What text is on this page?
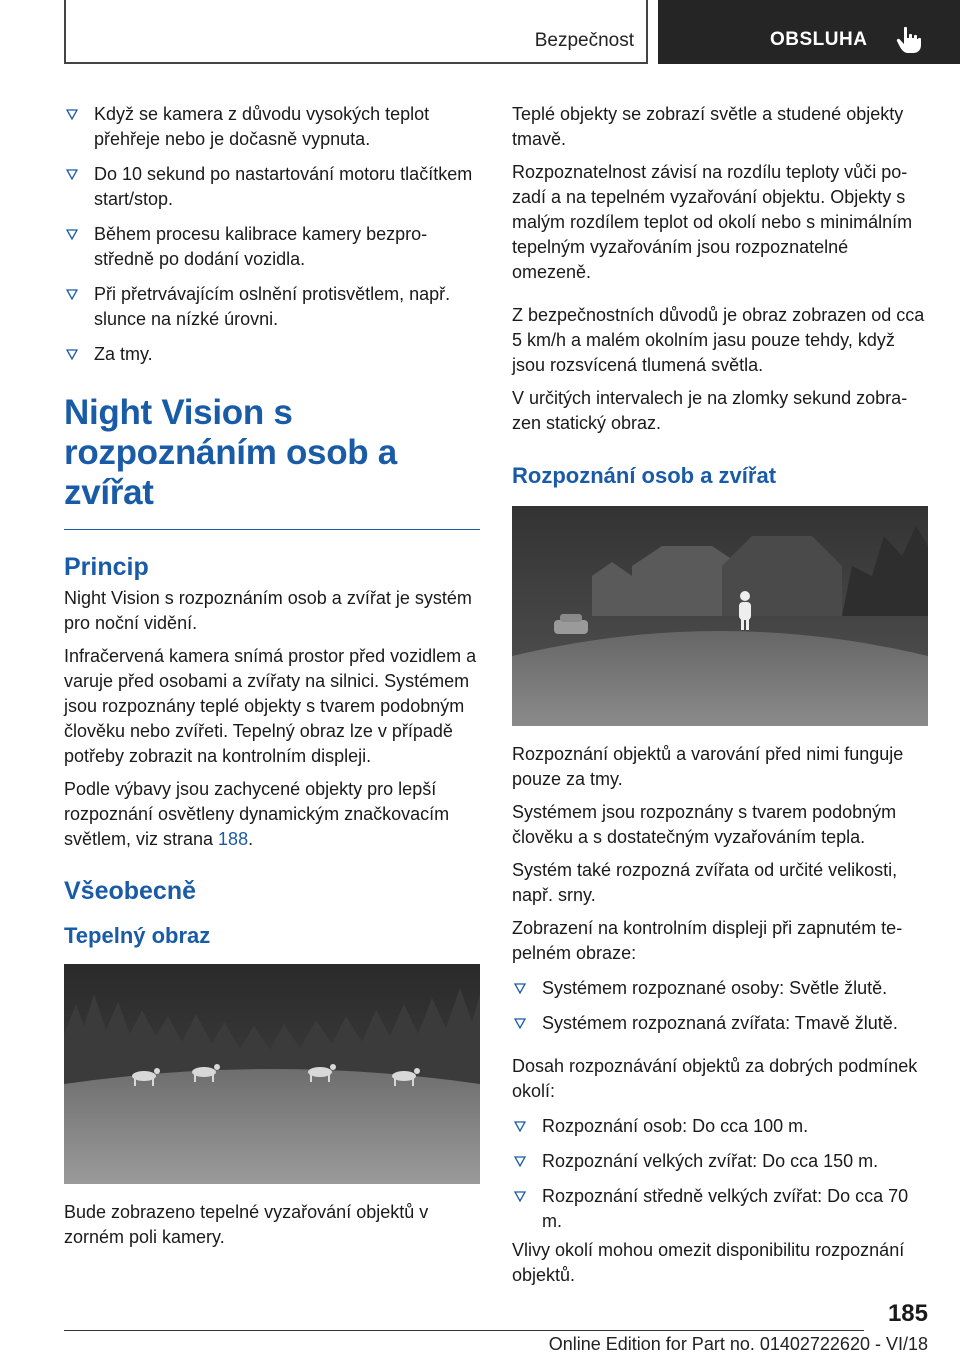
Bezpečnost	OBSLUHA
Když se kamera z důvodu vysokých teplot přehřeje nebo je dočasně vypnuta.
Do 10 sekund po nastartování motoru tlačítkem start/stop.
Během procesu kalibrace kamery bezprostředně po dodání vozidla.
Při přetrvávajícím oslnění protisvětlem, např. slunce na nízké úrovni.
Za tmy.
Night Vision s rozpoznáním osob a zvířat
Princip

Night Vision s rozpoznáním osob a zvířat je systém pro noční vidění.

Infračervená kamera snímá prostor před vozidlem a varuje před osobami a zvířaty na silnici. Systémem jsou rozpoznány teplé objekty s tvarem podobným člověku nebo zvířeti. Tepelný obraz lze v případě potřeby zobrazit na kontrolním displeji.

Podle výbavy jsou zachycené objekty pro lepší rozpoznání osvětleny dynamickým značkovacím světlem, viz strana 188.

Všeobecně
Tepelný obraz

Bude zobrazeno tepelné vyzařování objektů v zorném poli kamery.

Teplé objekty se zobrazí světle a studené objekty tmavě.

Rozpoznatelnost závisí na rozdílu teploty vůči pozadí a na tepelném vyzařování objektu. Objekty s malým rozdílem teplot od okolí nebo s minimálním tepelným vyzařováním jsou rozpoznatelné omezeně.

Z bezpečnostních důvodů je obraz zobrazen od cca 5 km/h a malém okolním jasu pouze tehdy, když jsou rozsvícená tlumená světla.

V určitých intervalech je na zlomky sekund zobrazen statický obraz.

Rozpoznání osob a zvířat

Rozpoznání objektů a varování před nimi funguje pouze za tmy.

Systémem jsou rozpoznány s tvarem podobným člověku a s dostatečným vyzařováním tepla.

Systém také rozpozná zvířata od určité velikosti, např. srny.

Zobrazení na kontrolním displeji při zapnutém tepelném obraze:

Systémem rozpoznané osoby: Světle žlutě.
Systémem rozpoznaná zvířata: Tmavě žlutě.

Dosah rozpoznávání objektů za dobrých podmínek okolí:

Rozpoznání osob: Do cca 100 m.
Rozpoznání velkých zvířat: Do cca 150 m.
Rozpoznání středně velkých zvířat: Do cca 70 m.

Vlivy okolí mohou omezit disponibilitu rozpoznání objektů.

185
Online Edition for Part no. 01402722620 - VI/18
